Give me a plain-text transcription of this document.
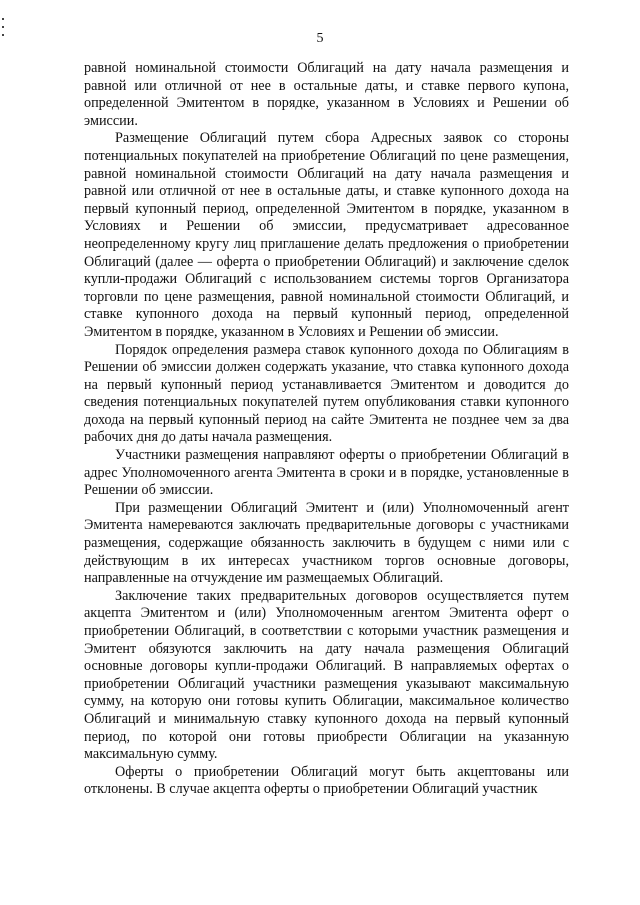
5

равной номинальной стоимости Облигаций на дату начала размещения и равной или отличной от нее в остальные даты, и ставке первого купона, определенной Эмитентом в порядке, указанном в Условиях и Решении об эмиссии.

Размещение Облигаций путем сбора Адресных заявок со стороны потенциальных покупателей на приобретение Облигаций по цене размещения, равной номинальной стоимости Облигаций на дату начала размещения и равной или отличной от нее в остальные даты, и ставке купонного дохода на первый купонный период, определенной Эмитентом в порядке, указанном в Условиях и Решении об эмиссии, предусматривает адресованное неопределенному кругу лиц приглашение делать предложения о приобретении Облигаций (далее — оферта о приобретении Облигаций) и заключение сделок купли-продажи Облигаций с использованием системы торгов Организатора торговли по цене размещения, равной номинальной стоимости Облигаций, и ставке купонного дохода на первый купонный период, определенной Эмитентом в порядке, указанном в Условиях и Решении об эмиссии.

Порядок определения размера ставок купонного дохода по Облигациям в Решении об эмиссии должен содержать указание, что ставка купонного дохода на первый купонный период устанавливается Эмитентом и доводится до сведения потенциальных покупателей путем опубликования ставки купонного дохода на первый купонный период на сайте Эмитента не позднее чем за два рабочих дня до даты начала размещения.

Участники размещения направляют оферты о приобретении Облигаций в адрес Уполномоченного агента Эмитента в сроки и в порядке, установленные в Решении об эмиссии.

При размещении Облигаций Эмитент и (или) Уполномоченный агент Эмитента намереваются заключать предварительные договоры с участниками размещения, содержащие обязанность заключить в будущем с ними или с действующим в их интересах участником торгов основные договоры, направленные на отчуждение им размещаемых Облигаций.

Заключение таких предварительных договоров осуществляется путем акцепта Эмитентом и (или) Уполномоченным агентом Эмитента оферт о приобретении Облигаций, в соответствии с которыми участник размещения и Эмитент обязуются заключить на дату начала размещения Облигаций основные договоры купли-продажи Облигаций. В направляемых офертах о приобретении Облигаций участники размещения указывают максимальную сумму, на которую они готовы купить Облигации, максимальное количество Облигаций и минимальную ставку купонного дохода на первый купонный период, по которой они готовы приобрести Облигации на указанную максимальную сумму.

Оферты о приобретении Облигаций могут быть акцептованы или отклонены. В случае акцепта оферты о приобретении Облигаций участник
